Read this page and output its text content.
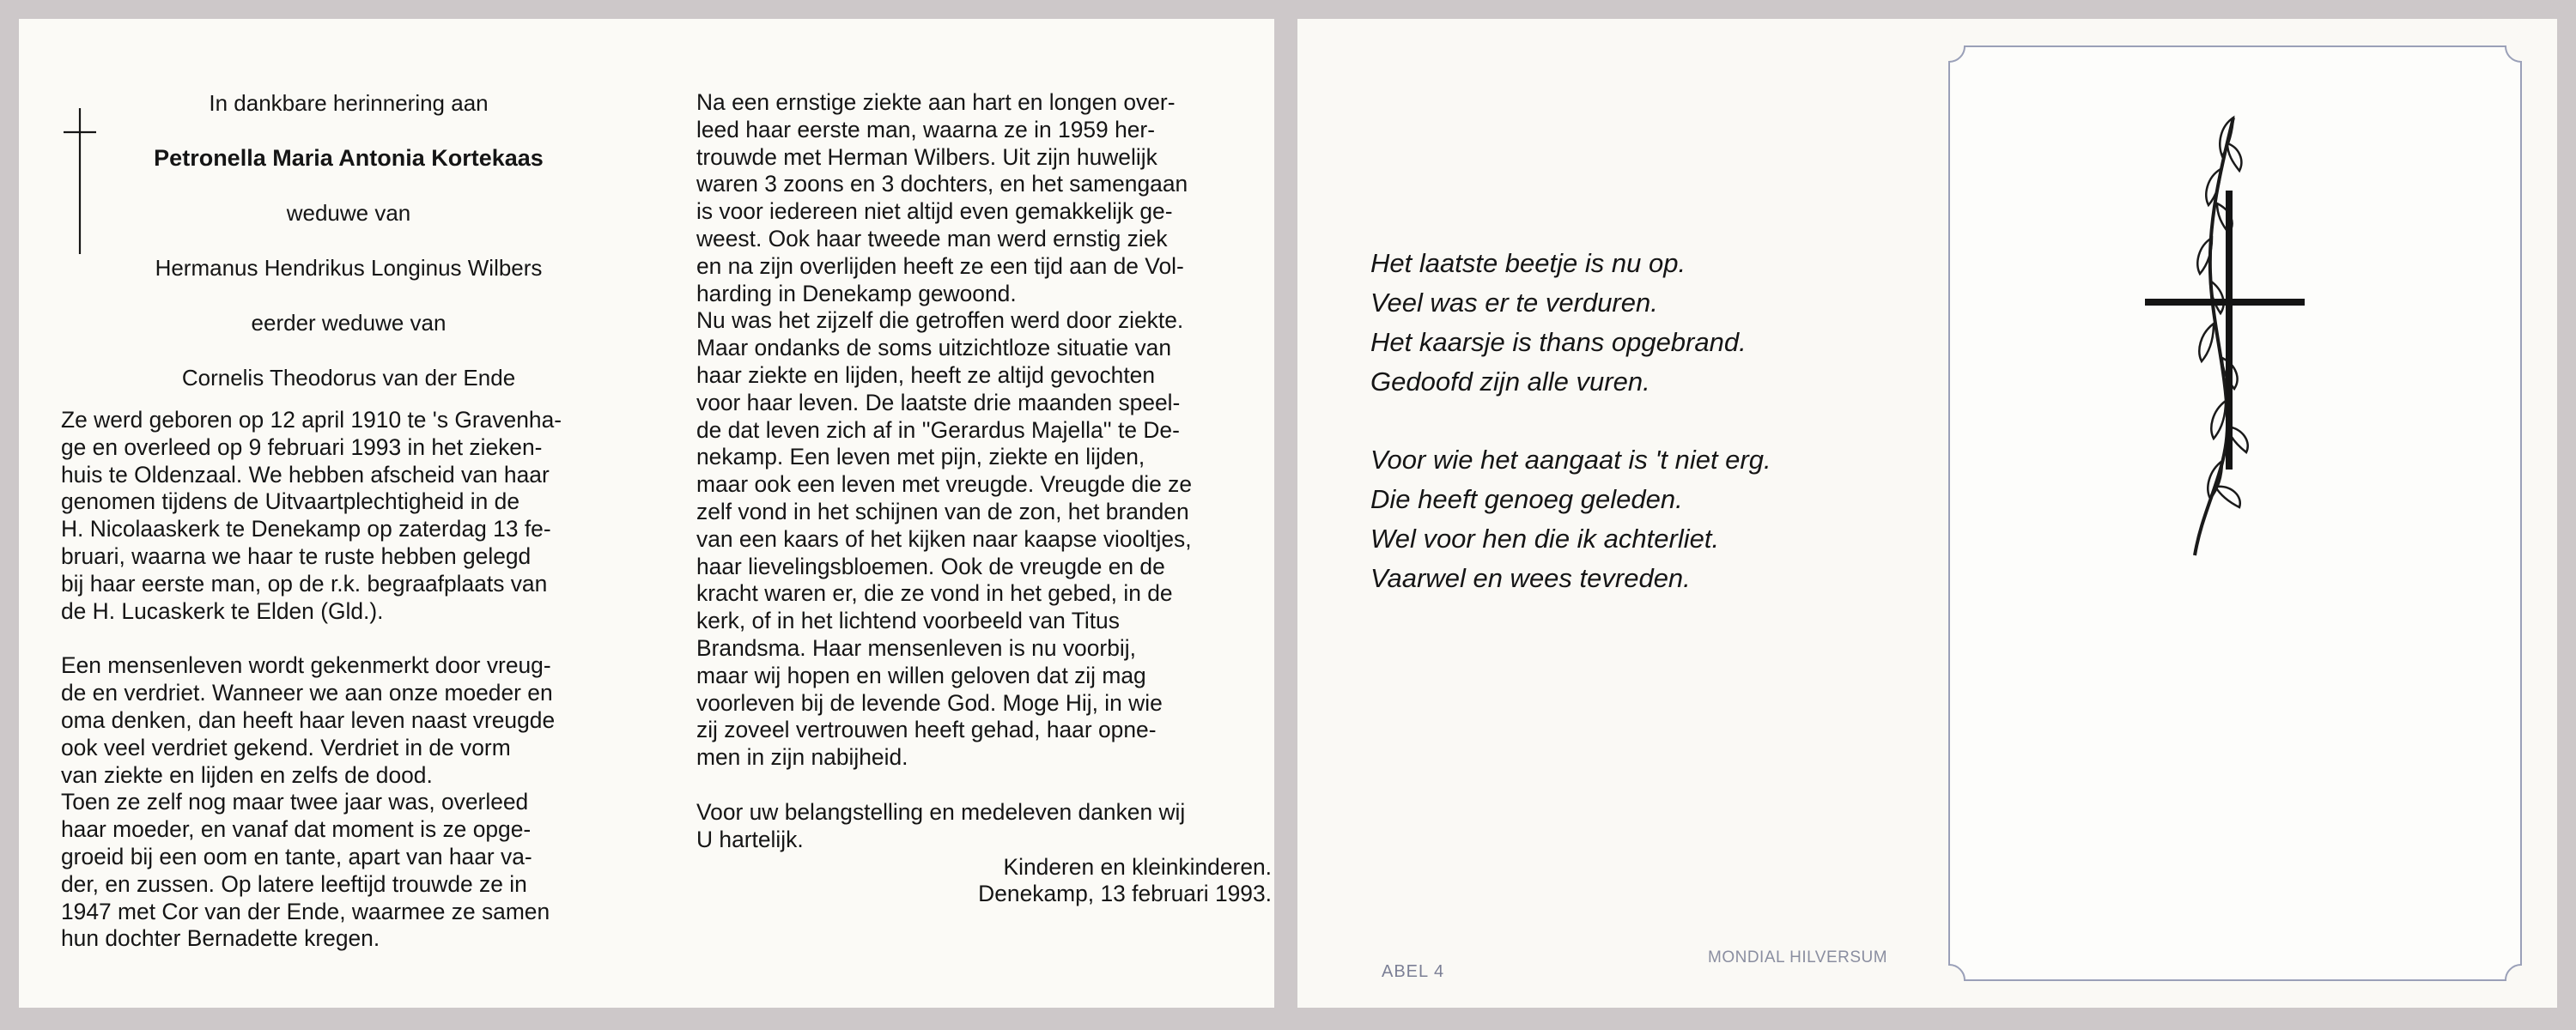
In dankbare herinnering aan

Petronella Maria Antonia Kortekaas

weduwe van

Hermanus Hendrikus Longinus Wilbers

eerder weduwe van

Cornelis Theodorus van der Ende

Ze werd geboren op 12 april 1910 te 's Gravenha-
ge en overleed op 9 februari 1993 in het zieken-
huis te Oldenzaal. We hebben afscheid van haar
genomen tijdens de Uitvaartplechtigheid in de
H. Nicolaaskerk te Denekamp op zaterdag 13 fe-
bruari, waarna we haar te ruste hebben gelegd
bij haar eerste man, op de r.k. begraafplaats van
de H. Lucaskerk te Elden (Gld.).
Een mensenleven wordt gekenmerkt door vreug-
de en verdriet. Wanneer we aan onze moeder en
oma denken, dan heeft haar leven naast vreugde
ook veel verdriet gekend. Verdriet in de vorm
van ziekte en lijden en zelfs de dood.
Toen ze zelf nog maar twee jaar was, overleed
haar moeder, en vanaf dat moment is ze opge-
groeid bij een oom en tante, apart van haar va-
der, en zussen. Op latere leeftijd trouwde ze in
1947 met Cor van der Ende, waarmee ze samen
hun dochter Bernadette kregen.
Na een ernstige ziekte aan hart en longen over-
leed haar eerste man, waarna ze in 1959 her-
trouwde met Herman Wilbers. Uit zijn huwelijk
waren 3 zoons en 3 dochters, en het samengaan
is voor iedereen niet altijd even gemakkelijk ge-
weest. Ook haar tweede man werd ernstig ziek
en na zijn overlijden heeft ze een tijd aan de Vol-
harding in Denekamp gewoond.
Nu was het zijzelf die getroffen werd door ziekte.
Maar ondanks de soms uitzichtloze situatie van
haar ziekte en lijden, heeft ze altijd gevochten
voor haar leven. De laatste drie maanden speel-
de dat leven zich af in ''Gerardus Majella'' te De-
nekamp. Een leven met pijn, ziekte en lijden,
maar ook een leven met vreugde. Vreugde die ze
zelf vond in het schijnen van de zon, het branden
van een kaars of het kijken naar kaapse viooltjes,
haar lievelingsbloemen. Ook de vreugde en de
kracht waren er, die ze vond in het gebed, in de
kerk, of in het lichtend voorbeeld van Titus
Brandsma. Haar mensenleven is nu voorbij,
maar wij hopen en willen geloven dat zij mag
voorleven bij de levende God. Moge Hij, in wie
zij zoveel vertrouwen heeft gehad, haar opne-
men in zijn nabijheid.
Voor uw belangstelling en medeleven danken wij
U hartelijk.

Kinderen en kleinkinderen.

Denekamp, 13 februari 1993.

Het laatste beetje is nu op.
Veel was er te verduren.
Het kaarsje is thans opgebrand.
Gedoofd zijn alle vuren.
Voor wie het aangaat is 't niet erg.
Die heeft genoeg geleden.
Wel voor hen die ik achterliet.
Vaarwel en wees tevreden.
ABEL 4
MONDIAL HILVERSUM
